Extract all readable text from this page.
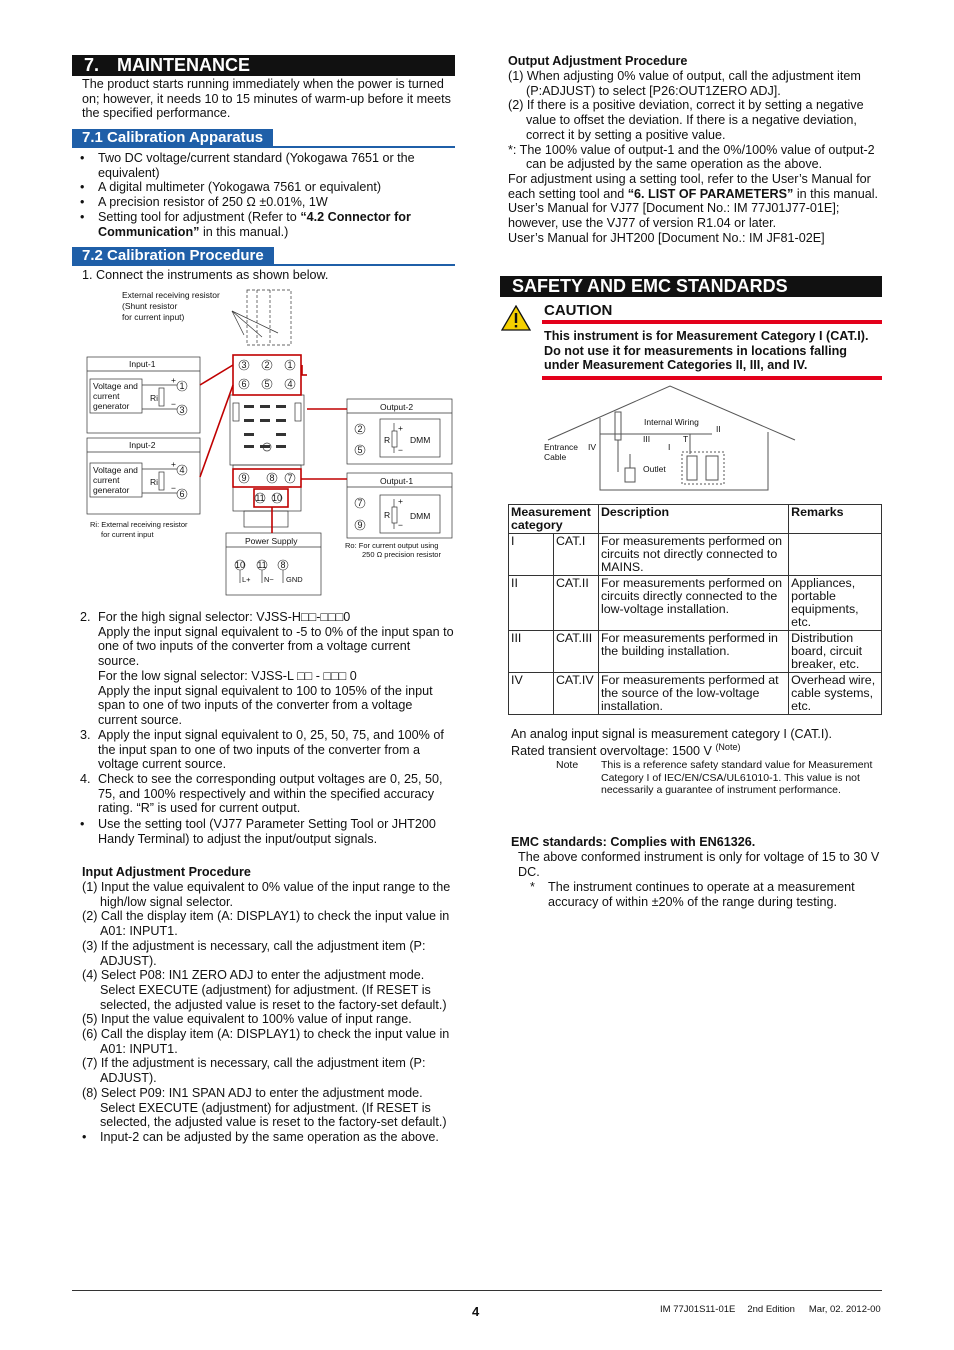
7. MAINTENANCE
The product starts running immediately when the power is turned on; however, it needs 10 to 15 minutes of warm-up before it meets the specified performance.
7.1 Calibration Apparatus
• Two DC voltage/current standard (Yokogawa 7651 or the equivalent)
• A digital multimeter (Yokogawa 7561 or equivalent)
• A precision resistor of 250 Ω ±0.01%, 1W
• Setting tool for adjustment (Refer to “4.2 Connector for Communication” in this manual.)
7.2 Calibration Procedure
1. Connect the instruments as shown below.
3 2 1
6 5 4
9	8 7
11 10
1
3
4
6
2
5
7
9
10 11 8
External receiving resistor
(Shunt resistor
for current input)
Input-1
Voltage and
current
generator
Ri
+
−
Input-2
Voltage and
current
generator
Ri
+
−
Ri: External receiving resistor
for current input
Output-2
R DMM
+
−
Output-1
R DMM
+
−
Ro: For current output using
250 Ω precision resistor
Power Supply
L+ N− GND
2. For the high signal selector: VJSS-H□□-□□□0
Apply the input signal equivalent to -5 to 0% of the input span to one of two inputs of the converter from a voltage current source.
For the low signal selector: VJSS-L □□ - □□□ 0
Apply the input signal equivalent to 100 to 105% of the input span to one of two inputs of the converter from a voltage current source.
3. Apply the input signal equivalent to 0, 25, 50, 75, and 100% of the input span to one of two inputs of the converter from a voltage current source.
4. Check to see the corresponding output voltages are 0, 25, 50, 75, and 100% respectively and within the specified accuracy rating. “R” is used for current output.
• Use the setting tool (VJ77 Parameter Setting Tool or JHT200 Handy Terminal) to adjust the input/output signals.
Input Adjustment Procedure
(1) Input the value equivalent to 0% value of the input range to the high/low signal selector.
(2) Call the display item (A: DISPLAY1) to check the input value in A01: INPUT1.
(3) If the adjustment is necessary, call the adjustment item (P: ADJUST).
(4) Select P08: IN1 ZERO ADJ to enter the adjustment mode. Select EXECUTE (adjustment) for adjustment. (If RESET is selected, the adjusted value is reset to the factory-set default.)
(5) Input the value equivalent to 100% value of input range.
(6) Call the display item (A: DISPLAY1) to check the input value in A01: INPUT1.
(7) If the adjustment is necessary, call the adjustment item (P: ADJUST).
(8) Select P09: IN1 SPAN ADJ to enter the adjustment mode. Select EXECUTE (adjustment) for adjustment. (If RESET is selected, the adjusted value is reset to the factory-set default.)
• Input-2 can be adjusted by the same operation as the above.
Output Adjustment Procedure
(1) When adjusting 0% value of output, call the adjustment item (P:ADJUST) to select [P26:OUT1ZERO ADJ].
(2) If there is a positive deviation, correct it by setting a negative value to offset the deviation. If there is a negative deviation, correct it by setting a positive value.
*: The 100% value of output-1 and the 0%/100% value of output-2 can be adjusted by the same operation as the above.
For adjustment using a setting tool, refer to the User’s Manual for each setting tool and “6. LIST OF PARAMETERS” in this manual.
User’s Manual for VJ77 [Document No.: IM 77J01J77-01E]; however, use the VJ77 of version R1.04 or later.
User’s Manual for JHT200 [Document No.: IM JF81-02E]
SAFETY AND EMC STANDARDS
CAUTION
This instrument is for Measurement Category I (CAT.I). Do not use it for measurements in locations falling under Measurement Categories II, III, and IV.
Internal Wiring
Entrance
Cable
IV
III
II
I
T
Outlet
Measurement category		Description	Remarks
I	CAT.I	For measurements performed on circuits not directly connected to MAINS.	
II	CAT.II	For measurements performed on circuits directly connected to the low-voltage installation.	Appliances, portable equipments, etc.
III	CAT.III	For measurements performed in the building installation.	Distribution board, circuit breaker, etc.
IV	CAT.IV	For measurements performed at the source of the low-voltage installation.	Overhead wire, cable systems, etc.
An analog input signal is measurement category I (CAT.I).
Rated transient overvoltage: 1500 V $^{(Note)}$
Note This is a reference safety standard value for Measurement Category I of IEC/EN/CSA/UL61010-1. This value is not necessarily a guarantee of instrument performance.
EMC standards: Complies with EN61326.
The above conformed instrument is only for voltage of 15 to 30 V DC.
* The instrument continues to operate at a measurement accuracy of within ±20% of the range during testing.
4	IM 77J01S11-01E 2nd Edition Mar, 02. 2012-00
